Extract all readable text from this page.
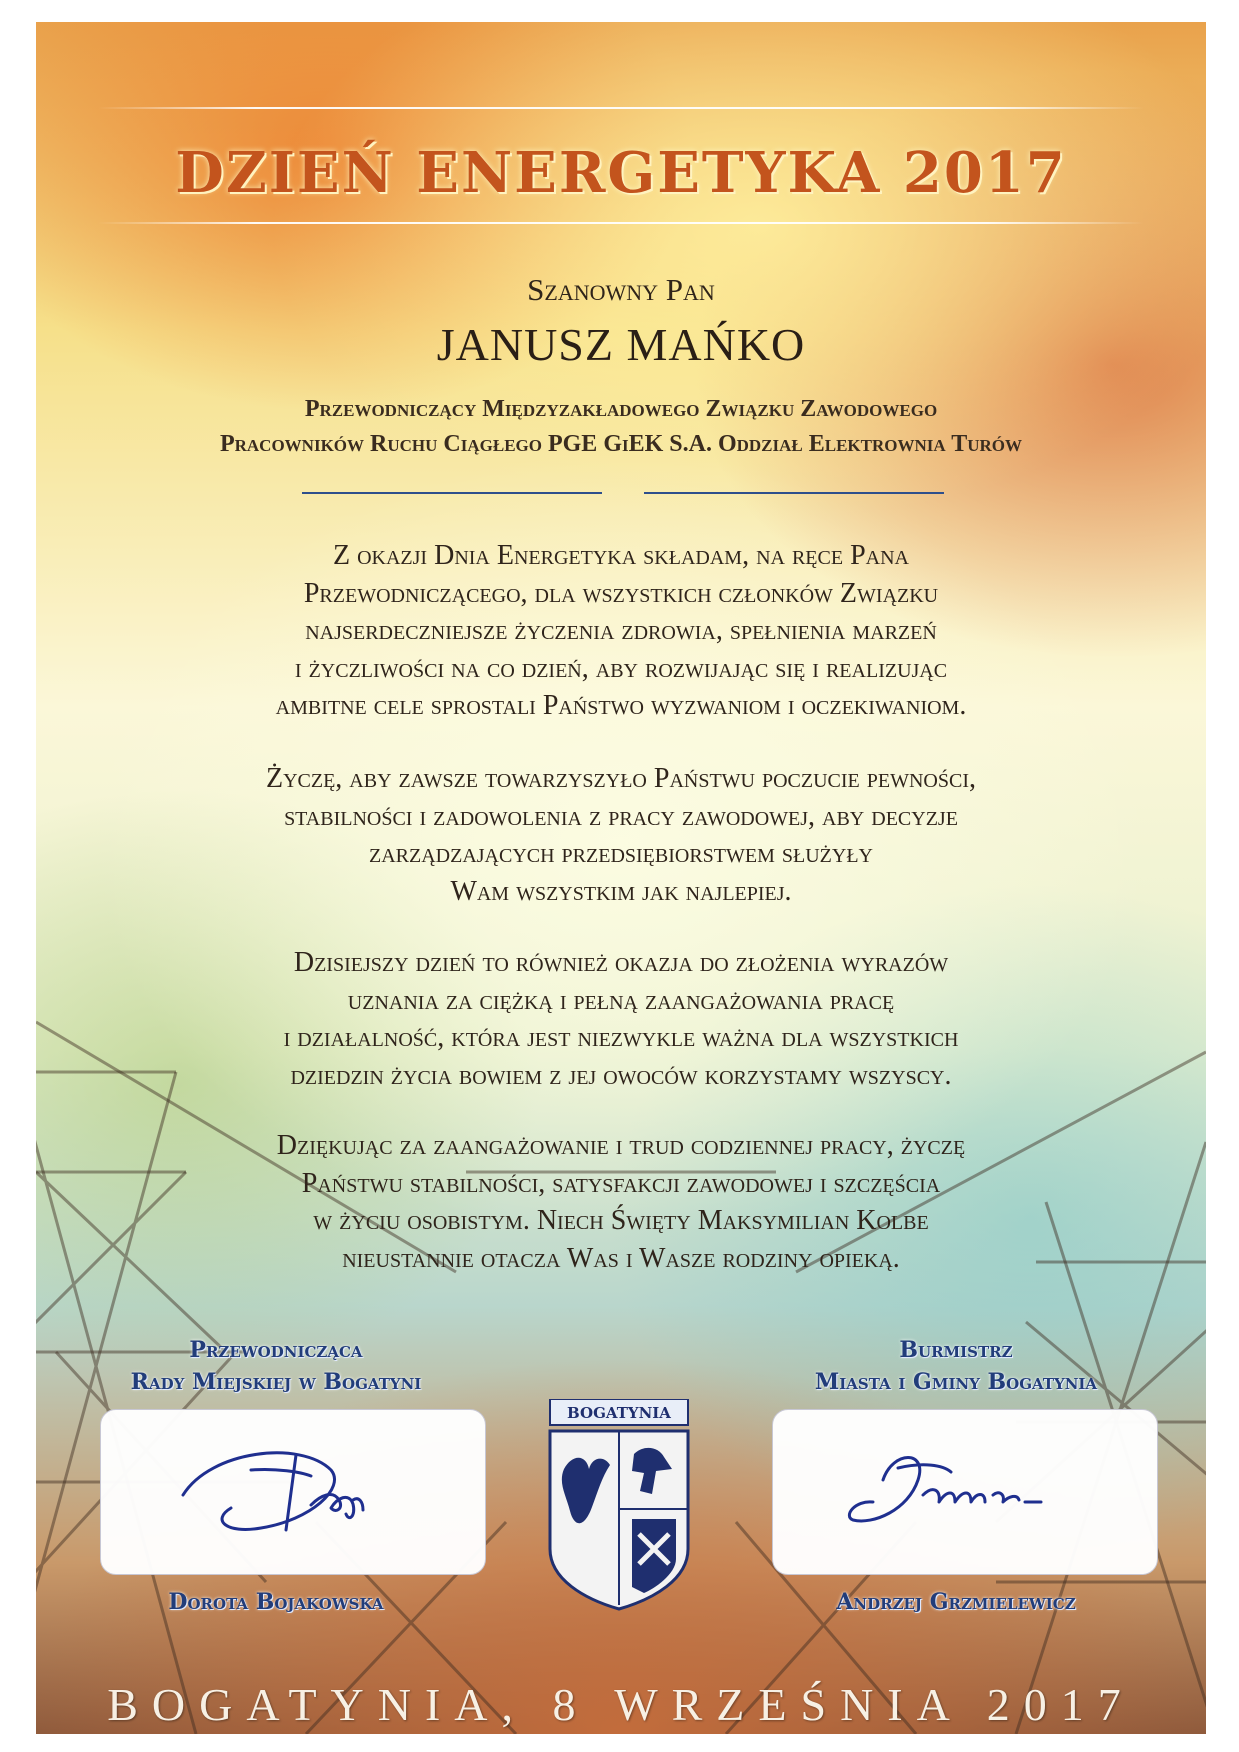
DZIEŃ ENERGETYKA 2017
Szanowny Pan
JANUSZ MAŃKO
Przewodniczący Międzyzakładowego Związku Zawodowego
Pracowników Ruchu Ciągłego PGE GiEK S.A. Oddział Elektrownia Turów
Z okazji Dnia Energetyka składam, na ręce Pana
Przewodniczącego, dla wszystkich członków Związku
najserdeczniejsze życzenia zdrowia, spełnienia marzeń
i życzliwości na co dzień, aby rozwijając się i realizując
ambitne cele sprostali Państwo wyzwaniom i oczekiwaniom.
Życzę, aby zawsze towarzyszyło Państwu poczucie pewności,
stabilności i zadowolenia z pracy zawodowej, aby decyzje
zarządzających przedsiębiorstwem służyły
Wam wszystkim jak najlepiej.
Dzisiejszy dzień to również okazja do złożenia wyrazów
uznania za ciężką i pełną zaangażowania pracę
i działalność, która jest niezwykle ważna dla wszystkich
dziedzin życia bowiem z jej owoców korzystamy wszyscy.
Dziękując za zaangażowanie i trud codziennej pracy, życzę
Państwu stabilności, satysfakcji zawodowej i szczęścia
w życiu osobistym. Niech Święty Maksymilian Kolbe
nieustannie otacza Was i Wasze rodziny opieką.
Przewodnicząca
Rady Miejskiej w Bogatyni
Burmistrz
Miasta i Gminy Bogatynia
BOGATYNIA
Dorota Bojakowska	Andrzej Grzmielewicz
BOGATYNIA, 8 WRZEŚNIA 2017
